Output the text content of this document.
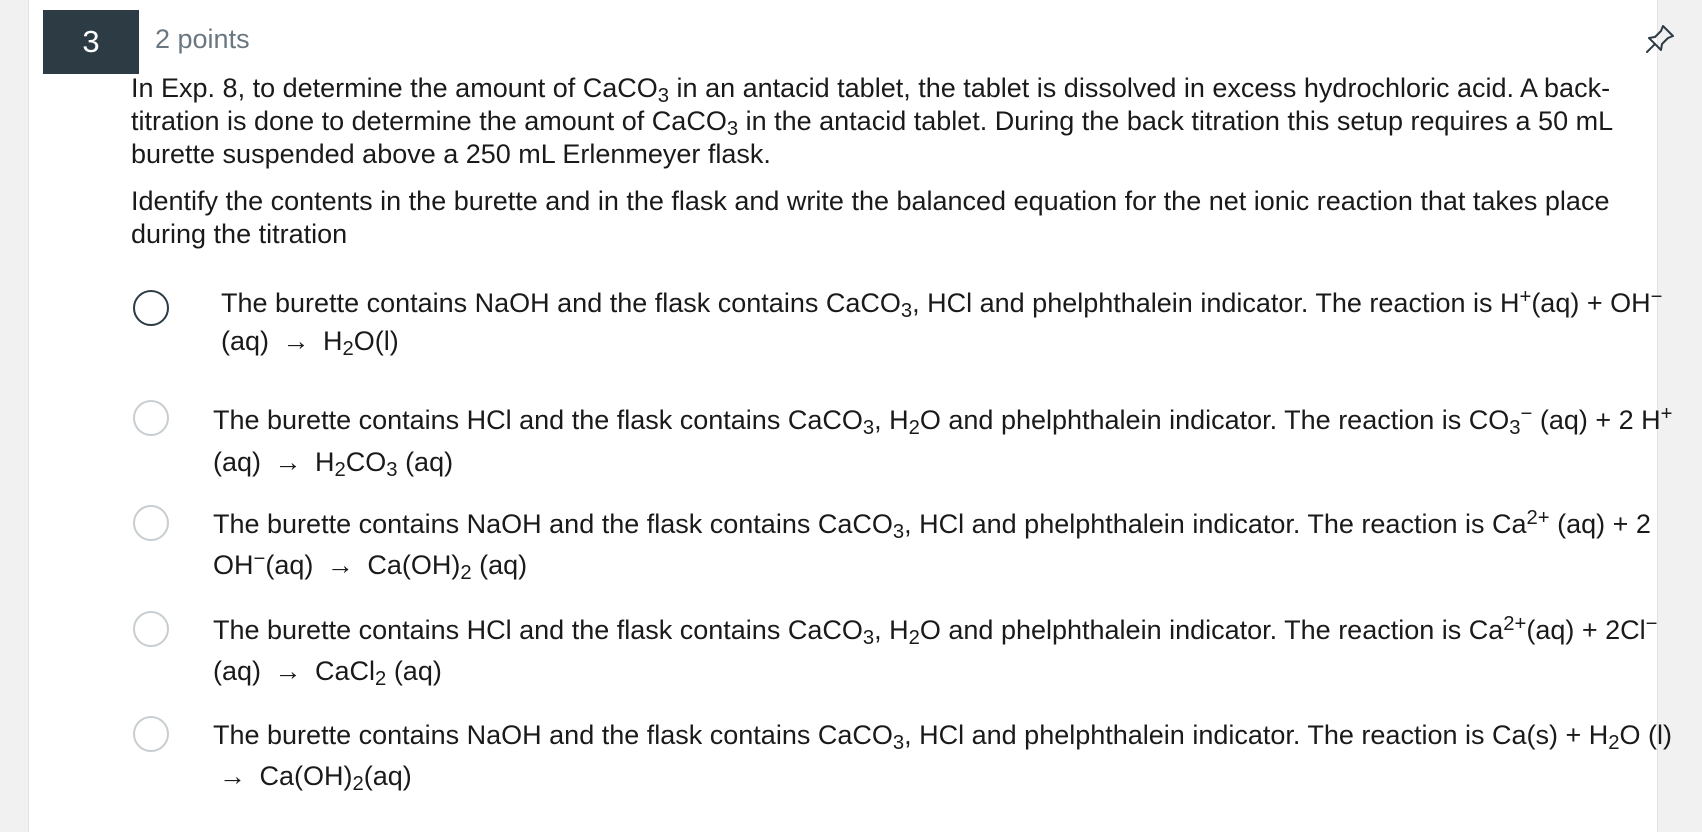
3	2 points

In Exp. 8, to determine the amount of CaCO$_3$ in an antacid tablet, the tablet is dissolved in excess hydrochloric acid. A back-titration is done to determine the amount of CaCO$_3$ in the antacid tablet. During the back titration this setup requires a 50 mL burette suspended above a 250 mL Erlenmeyer flask.

Identify the contents in the burette and in the flask and write the balanced equation for the net ionic reaction that takes place during the titration

The burette contains NaOH and the flask contains CaCO$_3$, HCl and phelphthalein indicator. The reaction is $H^+(aq) + OH^-(aq) \to H_2O(l)$
The burette contains HCl and the flask contains CaCO$_3$, $H_2O$ and phelphthalein indicator. The reaction is $CO_3^-$ (aq) + 2 $H^+(aq) \to H_2CO_3$ (aq)
The burette contains NaOH and the flask contains CaCO$_3$, HCl and phelphthalein indicator. The reaction is $Ca^{2+}$ (aq) + 2 $OH^-(aq) \to Ca(OH)_2$ (aq)
The burette contains HCl and the flask contains CaCO$_3$, $H_2O$ and phelphthalein indicator. The reaction is $Ca^{2+}(aq) + 2Cl^-(aq)$ → CaCl$_2$ (aq)
The burette contains NaOH and the flask contains CaCO$_3$, HCl and phelphthalein indicator. The reaction is $Ca(s) + H_2O$ $(l) \to Ca(OH)_2(aq)$
